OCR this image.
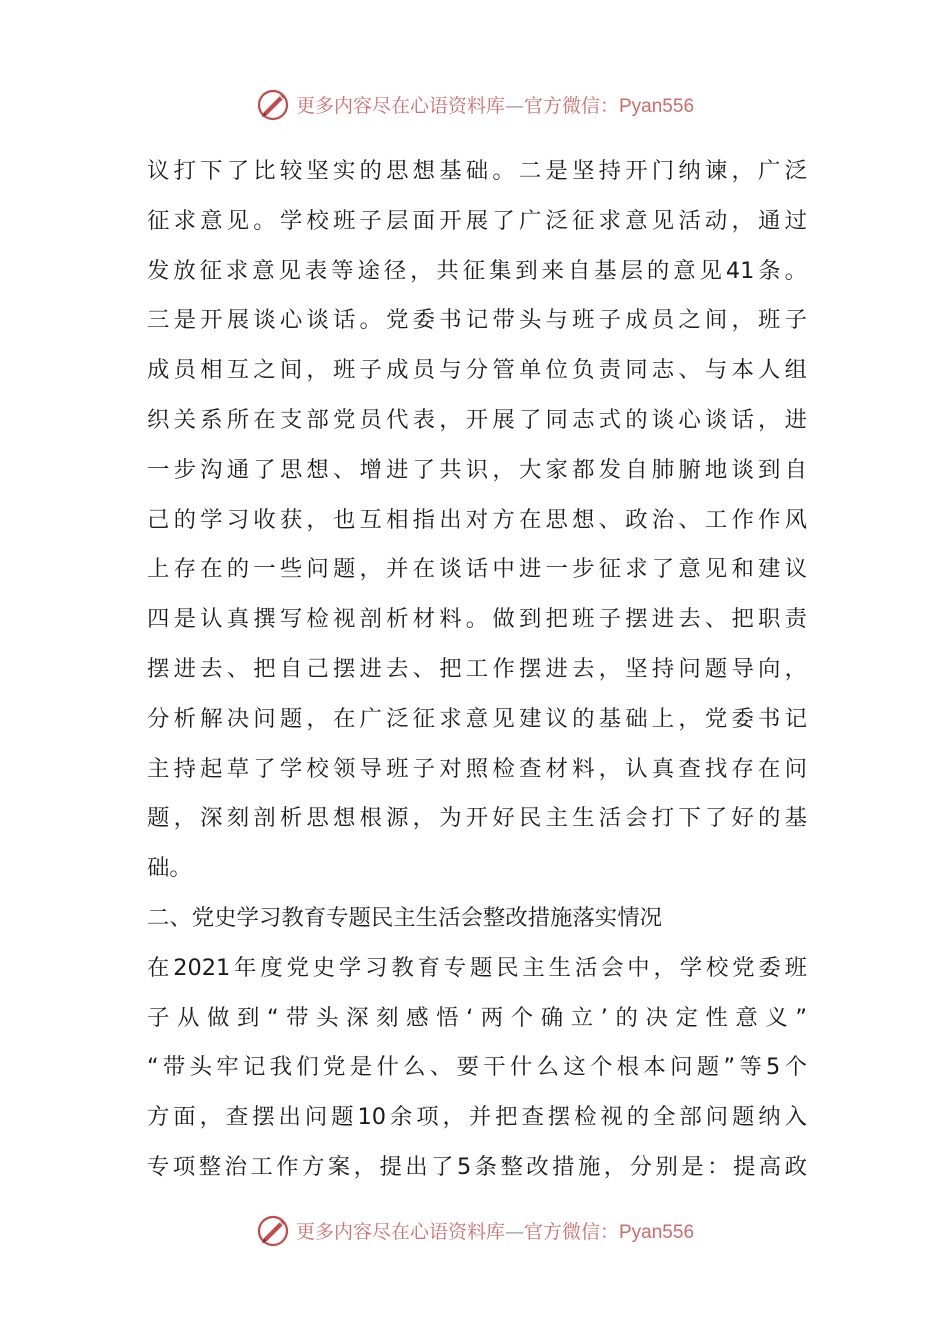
更多内容尽在心语资料库—官方微信：Pyan556
议打下了比较坚实的思想基础。二是坚持开门纳谏，广泛
征求意见。学校班子层面开展了广泛征求意见活动，通过
发放征求意见表等途径，共征集到来自基层的意见41条。
三是开展谈心谈话。党委书记带头与班子成员之间，班子
成员相互之间，班子成员与分管单位负责同志、与本人组
织关系所在支部党员代表，开展了同志式的谈心谈话，进
一步沟通了思想、增进了共识，大家都发自肺腑地谈到自
己的学习收获，也互相指出对方在思想、政治、工作作风
上存在的一些问题，并在谈话中进一步征求了意见和建议
四是认真撰写检视剖析材料。做到把班子摆进去、把职责
摆进去、把自己摆进去、把工作摆进去，坚持问题导向，
分析解决问题，在广泛征求意见建议的基础上，党委书记
主持起草了学校领导班子对照检查材料，认真查找存在问
题，深刻剖析思想根源，为开好民主生活会打下了好的基
础。
二、党史学习教育专题民主生活会整改措施落实情况
在2021年度党史学习教育专题民主生活会中，学校党委班
子从做到“带头深刻感悟‘两个确立’的决定性意义”
“带头牢记我们党是什么、要干什么这个根本问题”等5个
方面，查摆出问题10余项，并把查摆检视的全部问题纳入
专项整治工作方案，提出了5条整改措施，分别是：提高政
更多内容尽在心语资料库—官方微信：Pyan556
